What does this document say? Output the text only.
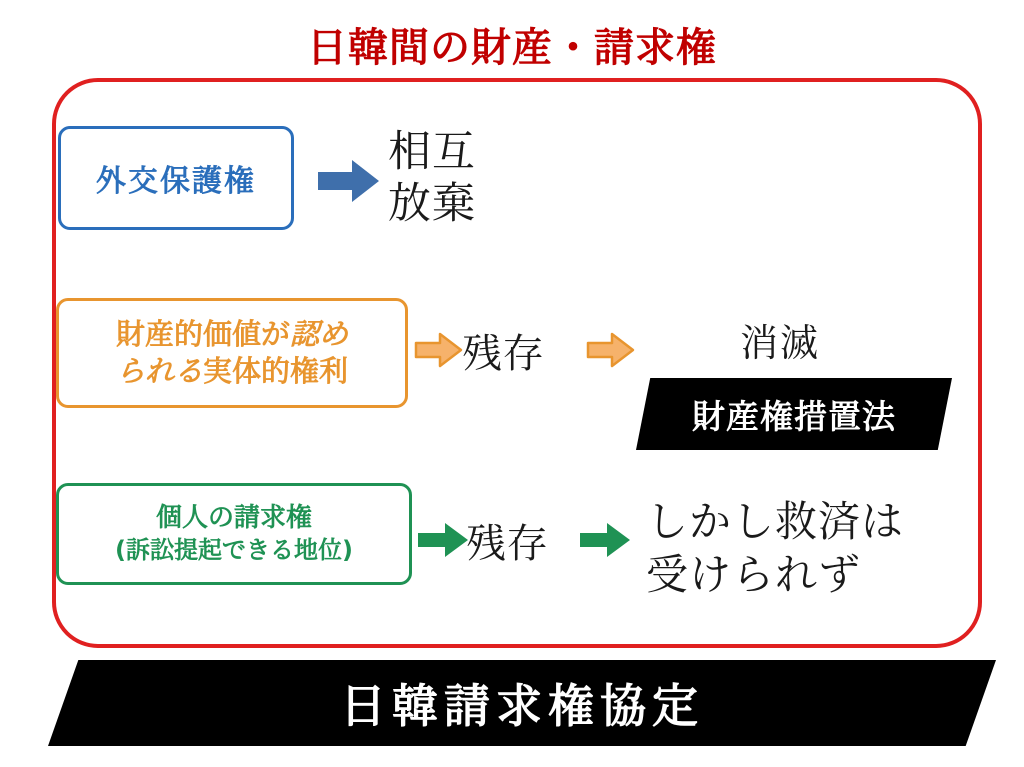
日韓間の財産・請求権
外交保護権
相互
放棄
財産的価値が認め
られる実体的権利	残存	消滅
財産権措置法
個人の請求権
(訴訟提起できる地位)	残存 しかし救済は
受けられず
日韓請求権協定
